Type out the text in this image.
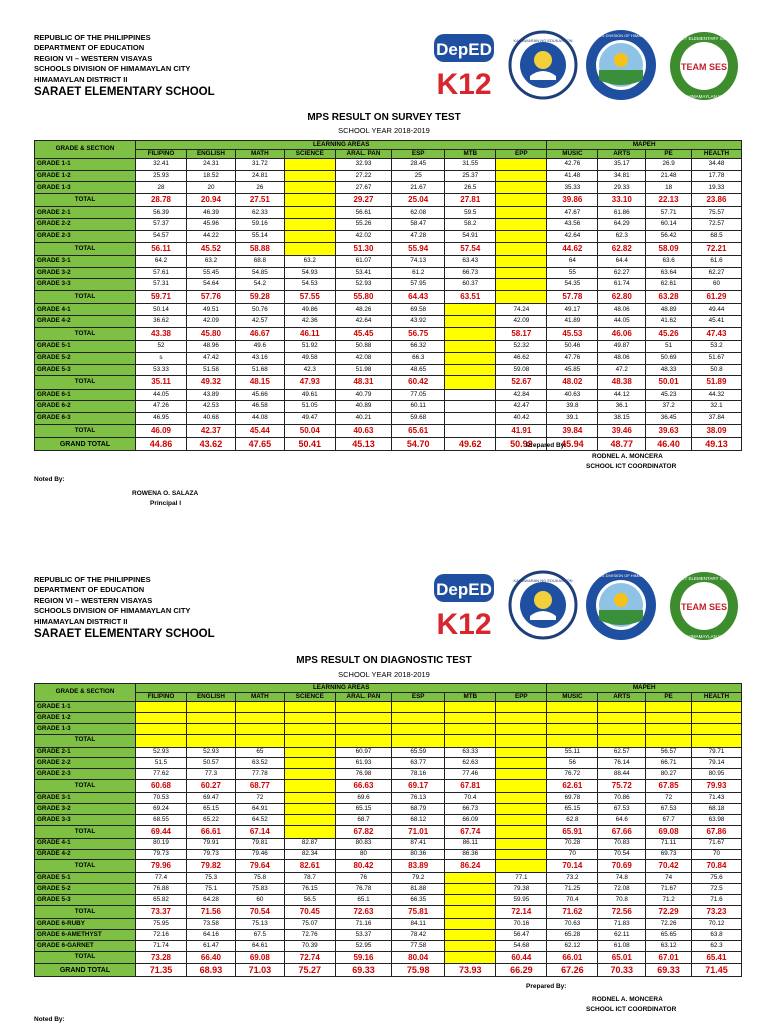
REPUBLIC OF THE PHILIPPINES
DEPARTMENT OF EDUCATION
REGION VI – WESTERN VISAYAS
SCHOOLS DIVISION OF HIMAMAYLAN CITY
HIMAMAYLAN DISTRICT II
SARAET ELEMENTARY SCHOOL
DepED
K12
KAGAWARAN NG EDUKASYON
SCHOOLS DIVISION OF HIMAMAYLAN
TEAM SES
SARAET ELEMENTARY SCHOOL
HIMAMAYLAN II
MPS RESULT ON SURVEY TEST
SCHOOL YEAR 2018-2019
GRADE & SECTION	LEARNING AREAS								MAPEH			
	FILIPINO	ENGLISH	MATH	SCIENCE	ARAL. PAN	ESP	MTB	EPP	MUSIC	ARTS	PE	HEALTH
GRADE 1-1	32.41	24.31	31.72		32.93	28.45	31.55		42.76	35.17	26.9	34.48
GRADE 1-2	25.93	18.52	24.81		27.22	25	25.37		41.48	34.81	21.48	17.78
GRADE 1-3	28	20	26		27.67	21.67	26.5		35.33	29.33	18	19.33
TOTAL	28.78	20.94	27.51		29.27	25.04	27.81		39.86	33.10	22.13	23.86
GRADE 2-1	56.39	46.39	62.33		56.61	62.08	59.5		47.67	61.86	57.71	75.57
GRADE 2-2	57.37	45.96	59.16		55.26	58.47	58.2		43.56	64.29	60.14	72.57
GRADE 2-3	54.57	44.22	55.14		42.02	47.28	54.91		42.64	62.3	56.42	68.5
TOTAL	56.11	45.52	58.88		51.30	55.94	57.54		44.62	62.82	58.09	72.21
GRADE 3-1	64.2	63.2	68.8	63.2	61.07	74.13	63.43		64	64.4	63.6	61.6
GRADE 3-2	57.61	55.45	54.85	54.93	53.41	61.2	66.73		55	62.27	63.64	62.27
GRADE 3-3	57.31	54.64	54.2	54.53	52.93	57.95	60.37		54.35	61.74	62.61	60
TOTAL	59.71	57.76	59.28	57.55	55.80	64.43	63.51		57.78	62.80	63.28	61.29
GRADE 4-1	50.14	49.51	50.76	49.86	48.26	69.58		74.24	49.17	48.06	48.89	49.44
GRADE 4-2	36.62	42.09	42.57	42.36	42.64	43.92		42.09	41.89	44.05	41.62	45.41
TOTAL	43.38	45.80	46.67	46.11	45.45	56.75		58.17	45.53	46.06	45.26	47.43
GRADE 5-1	52	48.96	49.6	51.92	50.88	66.32		52.32	50.46	49.87	51	53.2
GRADE 5-2	s	47.42	43.16	49.58	42.08	66.3		46.62	47.76	48.06	50.69	51.67
GRADE 5-3	53.33	51.58	51.68	42.3	51.98	48.65		59.08	45.85	47.2	48.33	50.8
TOTAL	35.11	49.32	48.15	47.93	48.31	60.42		52.67	48.02	48.38	50.01	51.89
GRADE 6-1	44.05	43.89	45.66	49.61	40.79	77.05		42.84	40.63	44.12	45.23	44.32
GRADE 6-2	47.26	42.53	46.58	51.05	40.89	60.11		42.47	39.8	36.1	37.2	32.1
GRADE 6-3	46.95	40.68	44.08	49.47	40.21	59.68		40.42	39.1	38.15	36.45	37.84
TOTAL	46.09	42.37	45.44	50.04	40.63	65.61		41.91	39.84	39.46	39.63	38.09
GRAND TOTAL	44.86	43.62	47.65	50.41	45.13	54.70	49.62	50.92	45.94	48.77	46.40	49.13
Prepared By:
RODNEL A. MONCERA
SCHOOL ICT COORDINATOR
Noted By:
ROWENA O. SALAZA
Principal I
REPUBLIC OF THE PHILIPPINES
DEPARTMENT OF EDUCATION
REGION VI – WESTERN VISAYAS
SCHOOLS DIVISION OF HIMAMAYLAN CITY
HIMAMAYLAN DISTRICT II
SARAET ELEMENTARY SCHOOL
DepED
K12
KAGAWARAN NG EDUKASYON
SCHOOLS DIVISION OF HIMAMAYLAN
TEAM SES
SARAET ELEMENTARY SCHOOL
HIMAMAYLAN II
MPS RESULT ON DIAGNOSTIC TEST
SCHOOL YEAR 2018-2019
GRADE & SECTION	LEARNING AREAS								MAPEH			
	FILIPINO	ENGLISH	MATH	SCIENCE	ARAL. PAN	ESP	MTB	EPP	MUSIC	ARTS	PE	HEALTH
GRADE 1-1												
GRADE 1-2												
GRADE 1-3												
TOTAL												
GRADE 2-1	52.93	52.93	65		60.97	65.59	63.33		55.11	62.57	56.57	79.71
GRADE 2-2	51.5	50.57	63.52		61.93	63.77	62.63		56	76.14	66.71	79.14
GRADE 2-3	77.62	77.3	77.78		76.98	78.16	77.46		76.72	88.44	80.27	80.95
TOTAL	60.68	60.27	68.77		66.63	69.17	67.81		62.61	75.72	67.85	79.93
GRADE 3-1	70.53	69.47	72		69.6	76.13	70.4		69.78	70.86	72	71.43
GRADE 3-2	69.24	65.15	64.91		65.15	68.79	66.73		65.15	67.53	67.53	68.18
GRADE 3-3	68.55	65.22	64.52		68.7	68.12	66.09		62.8	64.6	67.7	63.98
TOTAL	69.44	66.61	67.14		67.82	71.01	67.74		65.91	67.66	69.08	67.86
GRADE 4-1	80.19	79.91	79.81	82.87	80.83	87.41	86.11		70.28	70.83	71.11	71.67
GRADE 4-2	79.73	79.73	79.46	82.34	80	80.36	86.36		70	70.54	69.73	70
TOTAL	79.96	79.82	79.64	82.61	80.42	83.89	86.24		70.14	70.69	70.42	70.84
GRADE 5-1	77.4	75.3	75.8	78.7	76	79.2		77.1	73.2	74.8	74	75.6
GRADE 5-2	76.88	75.1	75.83	76.15	76.78	81.88		79.38	71.25	72.08	71.67	72.5
GRADE 5-3	65.82	64.28	60	56.5	65.1	66.35		59.95	70.4	70.8	71.2	71.6
TOTAL	73.37	71.56	70.54	70.45	72.63	75.81		72.14	71.62	72.56	72.29	73.23
GRADE 6-RUBY	75.95	73.58	75.13	75.07	71.16	84.11		70.16	70.63	71.83	72.26	70.12
GRADE 6-AMETHYST	72.16	64.16	67.5	72.76	53.37	78.42		56.47	65.28	62.11	65.65	63.8
GRADE 6-GARNET	71.74	61.47	64.61	70.39	52.95	77.58		54.68	62.12	61.08	63.12	62.3
TOTAL	73.28	66.40	69.08	72.74	59.16	80.04		60.44	66.01	65.01	67.01	65.41
GRAND TOTAL	71.35	68.93	71.03	75.27	69.33	75.98	73.93	66.29	67.26	70.33	69.33	71.45
Prepared By:
RODNEL A. MONCERA
SCHOOL ICT COORDINATOR
Noted By:
